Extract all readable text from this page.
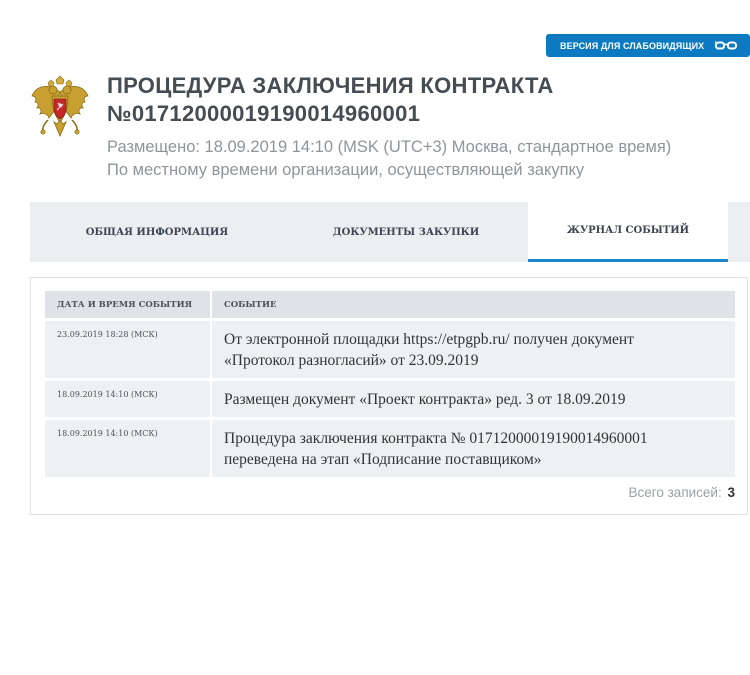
ВЕРСИЯ ДЛЯ СЛАБОВИДЯЩИХ
ПРОЦЕДУРА ЗАКЛЮЧЕНИЯ КОНТРАКТА
№0171200001919001496000​1
Размещено: 18.09.2019 14:10 (MSK (UTC+3) Москва, стандартное время)
По местному времени организации, осуществляющей закупку
ОБЩАЯ ИНФОРМАЦИЯ	ДОКУМЕНТЫ ЗАКУПКИ	ЖУРНАЛ СОБЫТИЙ
ДАТА И ВРЕМЯ СОБЫТИЯ	СОБЫТИЕ
23.09.2019 18:28 (МСК)	От электронной площадки https://etpgpb.ru/ получен документ
«Протокол разногласий» от 23.09.2019

18.09.2019 14:10 (МСК)	Размещен документ «Проект контракта» ред. 3 от 18.09.2019

18.09.2019 14:10 (МСК)	Процедура заключения контракта № 01712000019190014960001
переведена на этап «Подписание поставщиком»
Всего записей: 3
